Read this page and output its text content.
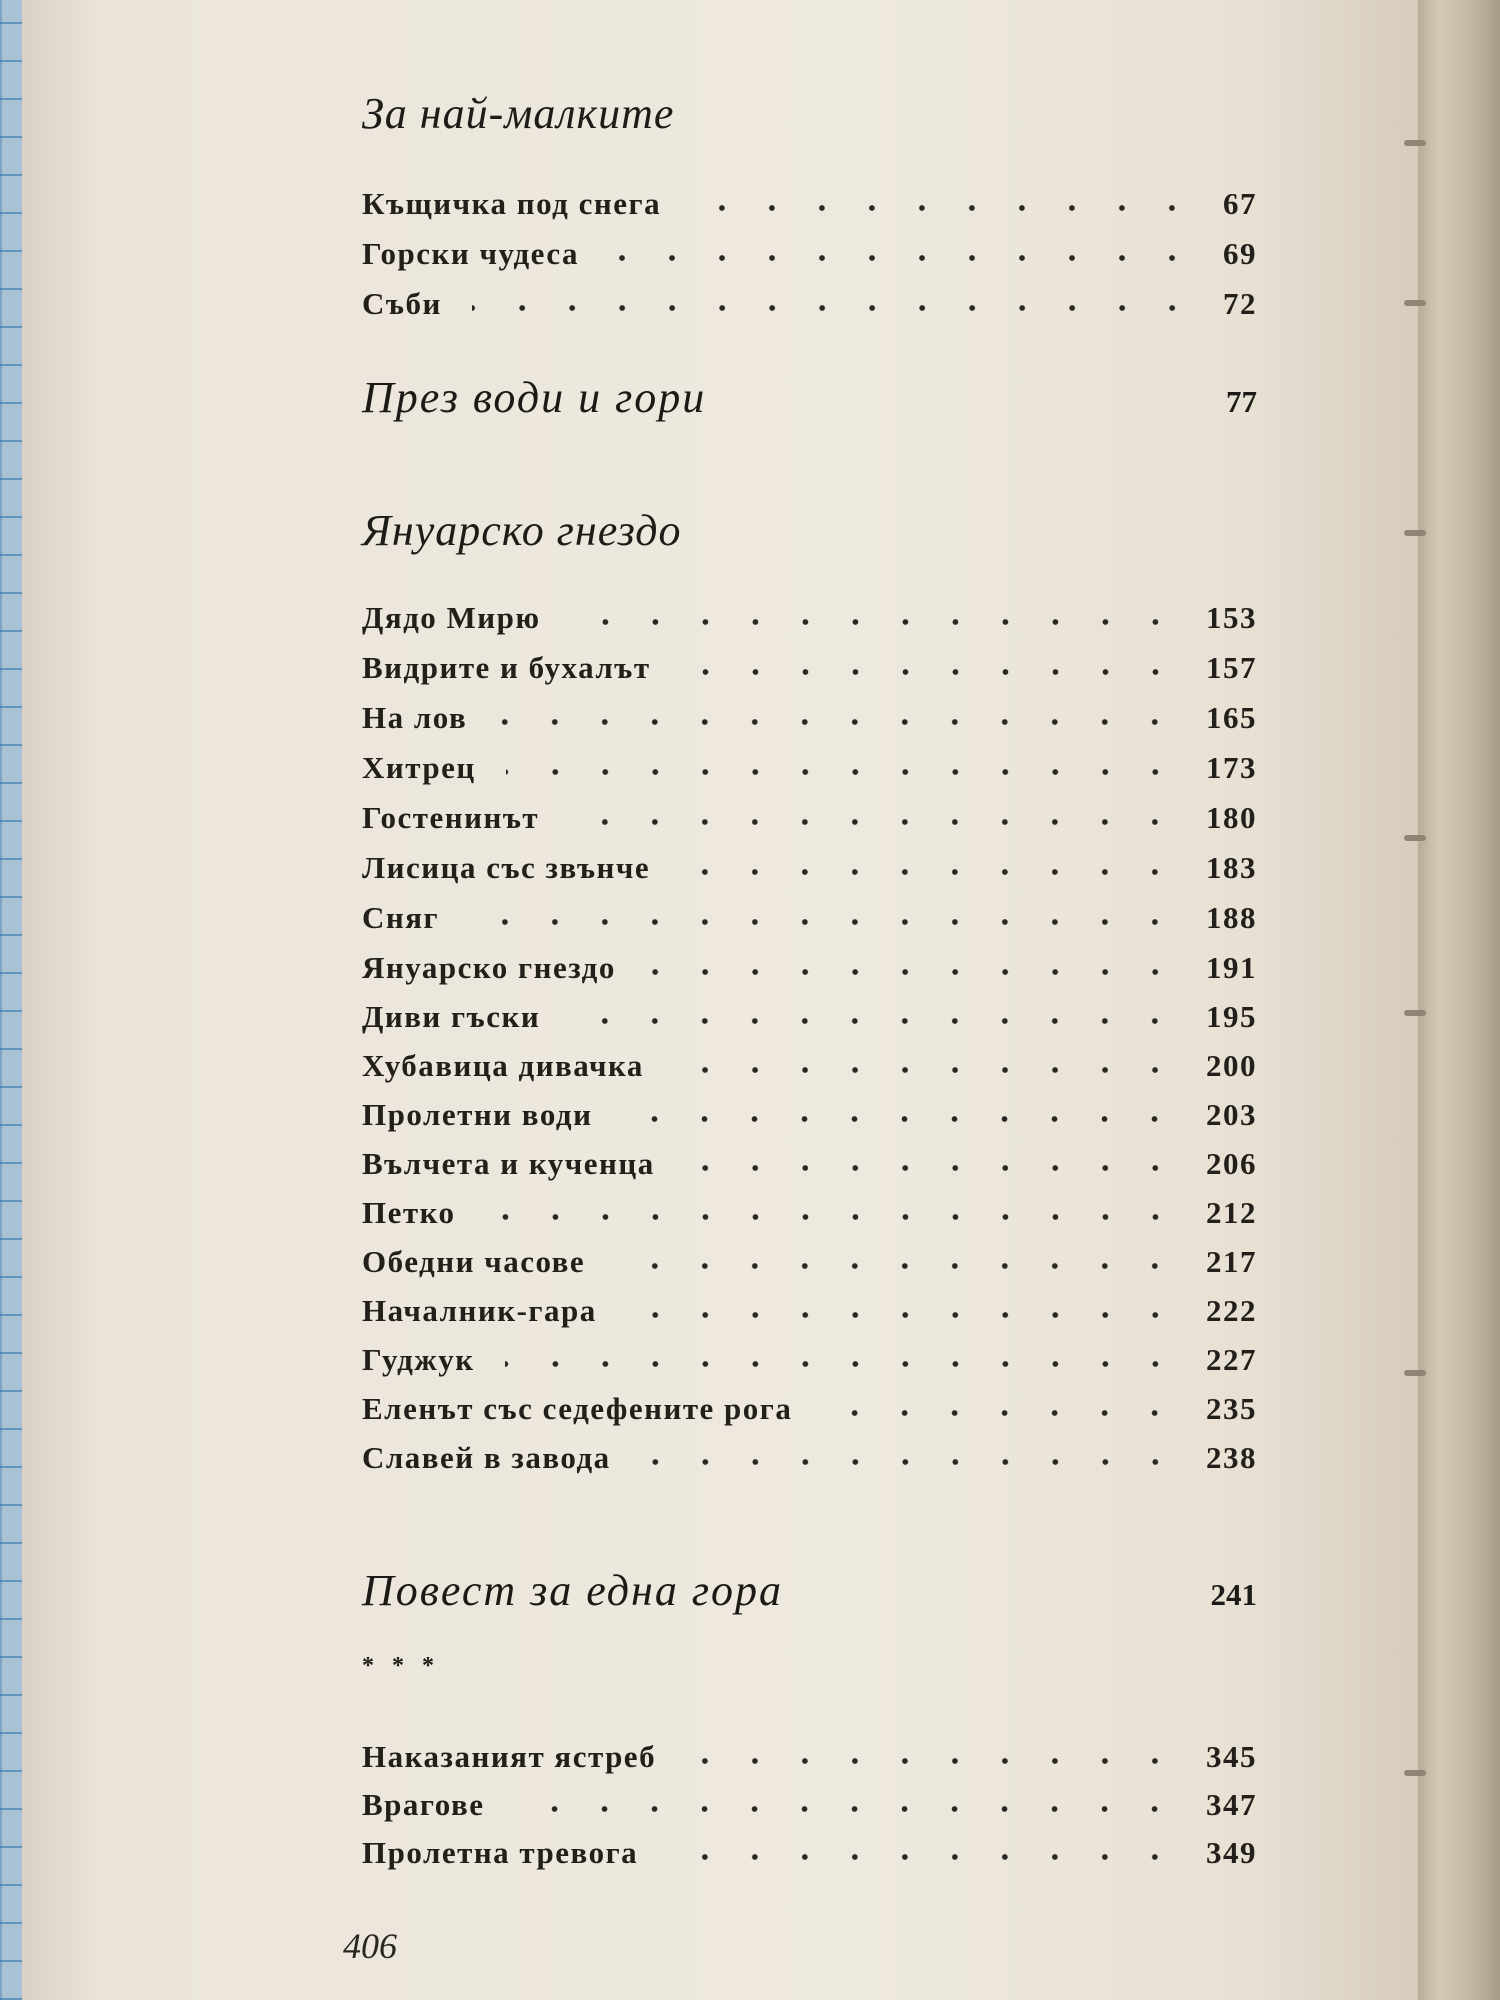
За най-малките
Къщичка под снега	67
Горски чудеса	69
Съби	72
През води и гори	77
Януарско гнездо
Дядо Мирю	153
Видрите и бухалът	157
На лов	165
Хитрец	173
Гостенинът	180
Лисица със звънче	183
Сняг	188
Януарско гнездо	191
Диви гъски	195
Хубавица дивачка	200
Пролетни води	203
Вълчета и кученца	206
Петко	212
Обедни часове	217
Началник-гара	222
Гуджук	227
Еленът със седефените рога	235
Славей в завода	238
Повест за една гора	241
* * *
Наказаният ястреб	345
Врагове	347
Пролетна тревога	349
406
